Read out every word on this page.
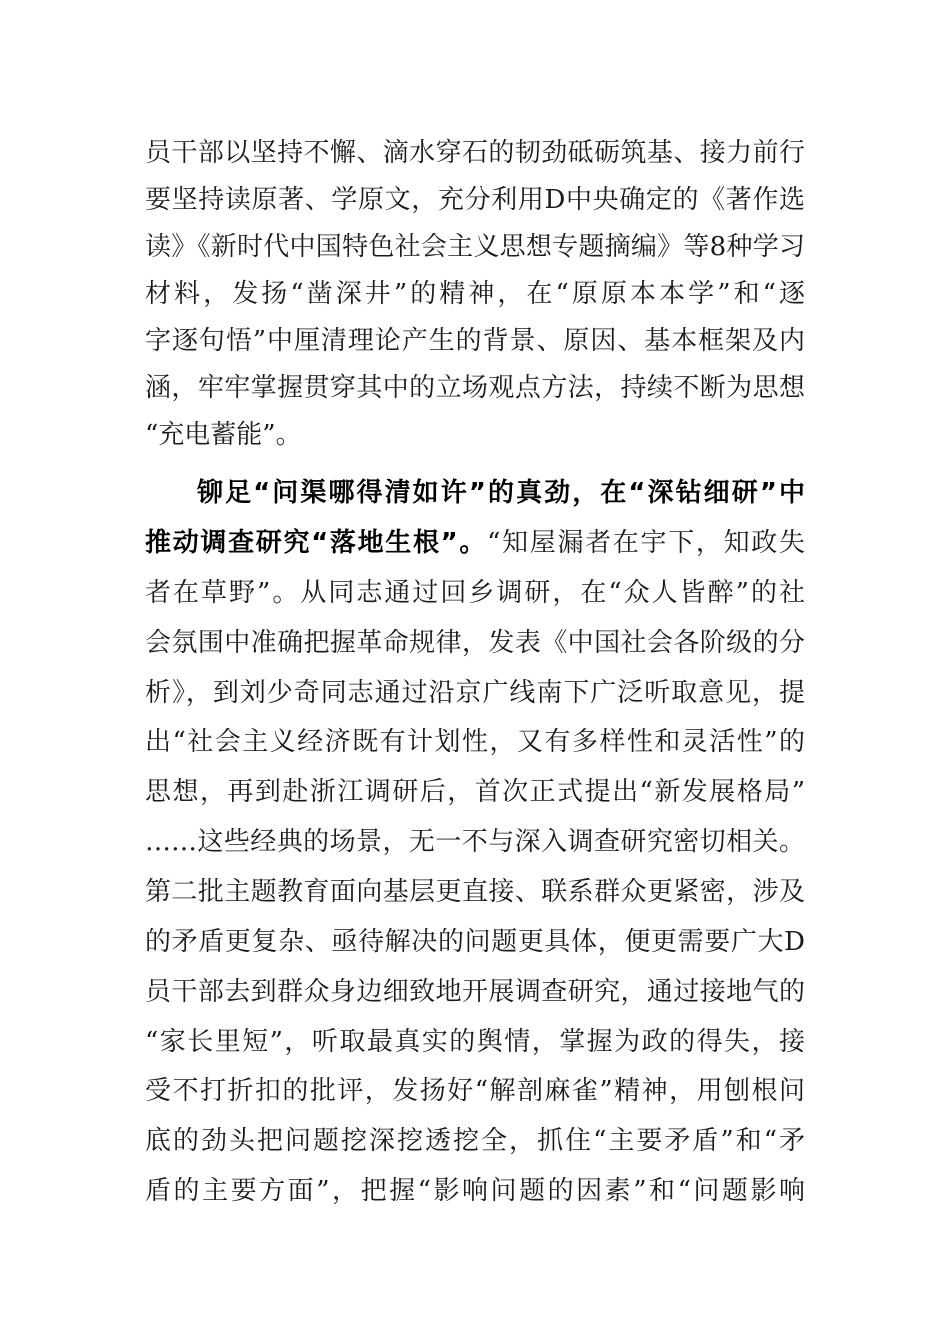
员干部以坚持不懈、滴水穿石的韧劲砥砺筑基、接力前行
要坚持读原著、学原文，充分利用D中央确定的《著作选
读》《新时代中国特色社会主义思想专题摘编》等8种学习
材料，发扬“凿深井”的精神，在“原原本本学”和“逐
字逐句悟”中厘清理论产生的背景、原因、基本框架及内
涵，牢牢掌握贯穿其中的立场观点方法，持续不断为思想
“充电蓄能”。
铆足“问渠哪得清如许”的真劲，在“深钻细研”中
推动调查研究“落地生根”。“知屋漏者在宇下，知政失
者在草野”。从同志通过回乡调研，在“众人皆醉”的社
会氛围中准确把握革命规律，发表《中国社会各阶级的分
析》，到刘少奇同志通过沿京广线南下广泛听取意见，提
出“社会主义经济既有计划性，又有多样性和灵活性”的
思想，再到赴浙江调研后，首次正式提出“新发展格局”
……这些经典的场景，无一不与深入调查研究密切相关。
第二批主题教育面向基层更直接、联系群众更紧密，涉及
的矛盾更复杂、亟待解决的问题更具体，便更需要广大D
员干部去到群众身边细致地开展调查研究，通过接地气的
“家长里短”，听取最真实的舆情，掌握为政的得失，接
受不打折扣的批评，发扬好“解剖麻雀”精神，用刨根问
底的劲头把问题挖深挖透挖全，抓住“主要矛盾”和“矛
盾的主要方面”，把握“影响问题的因素”和“问题影响
